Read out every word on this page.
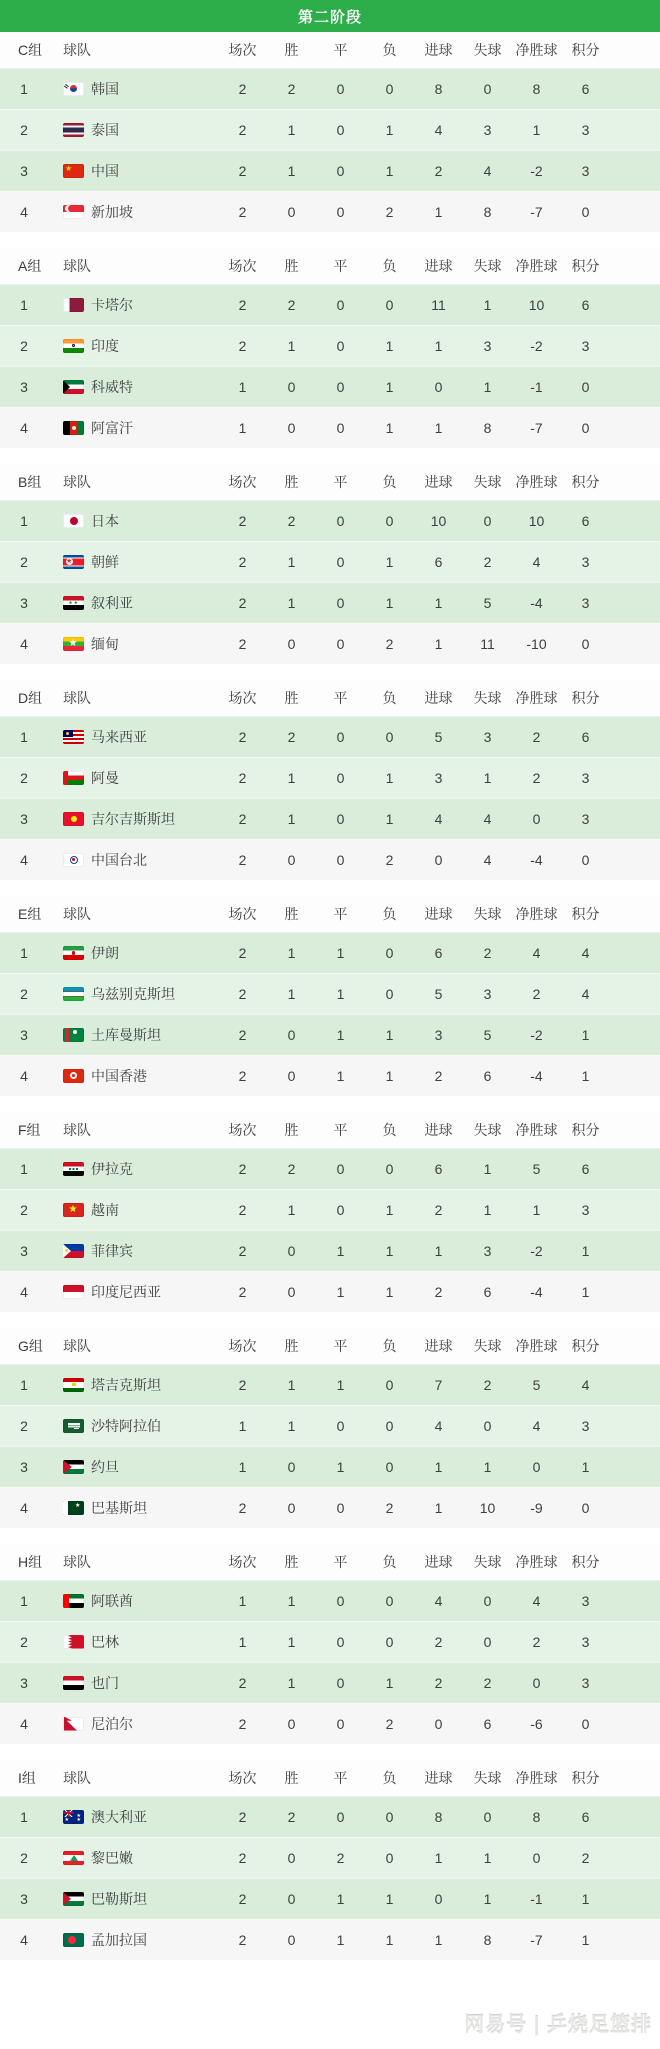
第二阶段
C组	球队	场次	胜	平	负	进球	失球	净胜球	积分
1	韩国	2	2	0	0	8	0	8	6
2	泰国	2	1	0	1	4	3	1	3
3 ★	中国	2	1	0	1	2	4	-2	3
4	新加坡	2	0	0	2	1	8	-7	0
A组	球队	场次	胜	平	负	进球	失球	净胜球	积分
1	卡塔尔	2	2	0	0	11	1	10	6
2	印度	2	1	0	1	1	3	-2	3
3	科威特	1	0	0	1	0	1	-1	0
4	阿富汗	1	0	0	1	1	8	-7	0
B组	球队	场次	胜	平	负	进球	失球	净胜球	积分
1	日本	2	2	0	0	10	0	10	6
2 ★	朝鲜	2	1	0	1	6	2	4	3
3 ★ ★	叙利亚	2	1	0	1	1	5	-4	3
4 ★	缅甸	2	0	0	2	1	11	-10	0
D组	球队	场次	胜	平	负	进球	失球	净胜球	积分
1	马来西亚	2	2	0	0	5	3	2	6
2	阿曼	2	1	0	1	3	1	2	3
3	吉尔吉斯斯坦	2	1	0	1	4	4	0	3
4	中国台北	2	0	0	2	0	4	-4	0
E组	球队	场次	胜	平	负	进球	失球	净胜球	积分
1	伊朗	2	1	1	0	6	2	4	4
2	乌兹别克斯坦	2	1	1	0	5	3	2	4
3	土库曼斯坦	2	0	1	1	3	5	-2	1
4	中国香港	2	0	1	1	2	6	-4	1
F组	球队	场次	胜	平	负	进球	失球	净胜球	积分
1	伊拉克	2	2	0	0	6	1	5	6
2 ★	越南	2	1	0	1	2	1	1	3
3	菲律宾	2	0	1	1	1	3	-2	1
4	印度尼西亚	2	0	1	1	2	6	-4	1
G组	球队	场次	胜	平	负	进球	失球	净胜球	积分
1	塔吉克斯坦	2	1	1	0	7	2	5	4
2	沙特阿拉伯	1	1	0	0	4	0	4	3
3	约旦	1	0	1	0	1	1	0	1
4 ★	巴基斯坦	2	0	0	2	1	10	-9	0
H组	球队	场次	胜	平	负	进球	失球	净胜球	积分
1	阿联酋	1	1	0	0	4	0	4	3
2	巴林	1	1	0	0	2	0	2	3
3	也门	2	1	0	1	2	2	0	3
4	尼泊尔	2	0	0	2	0	6	-6	0
I组	球队	场次	胜	平	负	进球	失球	净胜球	积分
1 ★	澳大利亚	2	2	0	0	8	0	8	6
2	黎巴嫩	2	0	2	0	1	1	0	2
3	巴勒斯坦	2	0	1	1	0	1	-1	1
4	孟加拉国	2	0	1	1	1	8	-7	1
网易号 | 乒烧足篮排
